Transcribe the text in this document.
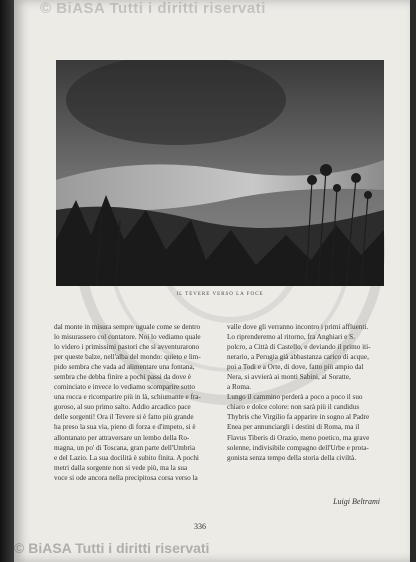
© BiASA Tutti i diritti riservati
IL TEVERE VERSO LA FOCE
dal monte in misura sempre uguale come se dentro
lo misurassero col contatore. Noi lo vediamo quale
lo videro i primissimi pastori che si avventurarono
per queste balze, nell'alba del mondo: quieto e lim-
pido sembra che vada ad alimentare una fontana,
sembra che debba finire a pochi passi da dove è
cominciato e invece lo vediamo scomparire sotto
una rocca e ricomparire più in là, schiumante e fra-
goroso, al suo primo salto. Addio arcadico pace
delle sorgenti! Ora il Tevere si è fatto più grande
ha preso la sua via, pieno di forza e d'impeto, si è
allontanato per attraversare un lembo della Ro-
magna, un po' di Toscana, gran parte dell'Umbria
e del Lazio. La sua docilità è subito finita. A pochi
metri dalla sorgente non si vede più, ma la sua
voce si ode ancora nella precipitosa corsa verso la
valle dove gli verranno incontro i primi affluenti.
Lo riprenderemo al ritorno, fra Anghiari e S.
polcro, a Città di Castello, e deviando il primo iti-
nerario, a Perugia già abbastanza carico di acque,
poi a Todi e a Orte, di dove, fatto più ampio dal
Nera, si avvierà ai monti Sabini, al Soratte,
a Roma.
Lungo il cammino perderà a poco a poco il suo
chiaro e dolce colore: non sarà più il candidus
Thybris che Virgilio fa apparire in sogno al Padre
Enea per annunciargli i destini di Roma, ma il
Flavus Tiberis di Orazio, meno poetico, ma grave
solenne, indivisibile compagno dell'Urbe e prota-
gonista senza tempo della storia della civiltà.
Luigi Beltrami
336
© BiASA Tutti i diritti riservati
